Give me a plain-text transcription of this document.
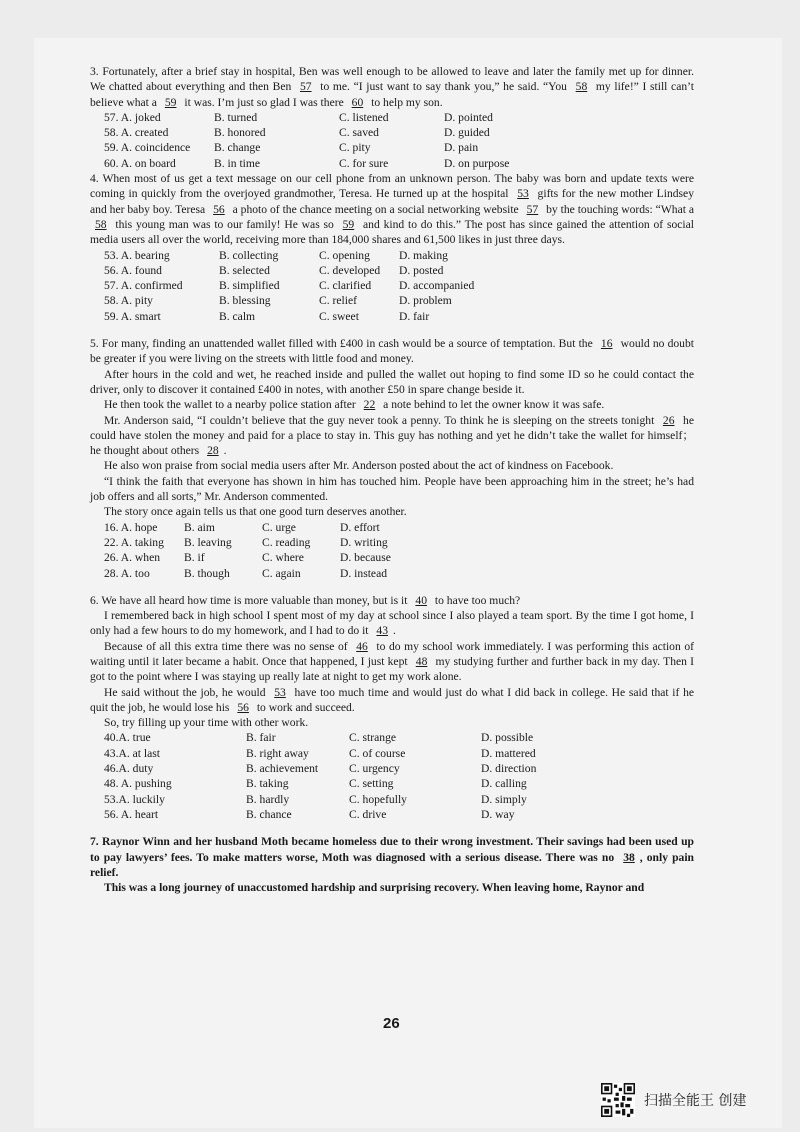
3. Fortunately, after a brief stay in hospital, Ben was well enough to be allowed to leave and later the family met up for dinner. We chatted about everything and then Ben 57 to me. “I just want to say thank you,” he said. “You 58 my life!” I still can’t believe what a 59 it was. I’m just so glad I was there 60 to help my son.

57. A. joked	B. turned	C. listened	D. pointed
58. A. created	B. honored	C. saved	D. guided
59. A. coincidence	B. change	C. pity	D. pain
60. A. on board	B. in time	C. for sure	D. on purpose

4. When most of us get a text message on our cell phone from an unknown person. The baby was born and update texts were coming in quickly from the overjoyed grandmother, Teresa. He turned up at the hospital 53 gifts for the new mother Lindsey and her baby boy. Teresa 56 a photo of the chance meeting on a social networking website 57 by the touching words: “What a 58 this young man was to our family! He was so 59 and kind to do this.” The post has since gained the attention of social media users all over the world, receiving more than 184,000 shares and 61,500 likes in just three days.

53. A. bearing	B. collecting	C. opening	D. making
56. A. found	B. selected	C. developed	D. posted
57. A. confirmed	B. simplified	C. clarified	D. accompanied
58. A. pity	B. blessing	C. relief	D. problem
59. A. smart	B. calm	C. sweet	D. fair

5. For many, finding an unattended wallet filled with £400 in cash would be a source of temptation. But the 16 would no doubt be greater if you were living on the streets with little food and money.

After hours in the cold and wet, he reached inside and pulled the wallet out hoping to find some ID so he could contact the driver, only to discover it contained £400 in notes, with another £50 in spare change beside it.

He then took the wallet to a nearby police station after 22 a note behind to let the owner know it was safe.

Mr. Anderson said, “I couldn’t believe that the guy never took a penny. To think he is sleeping on the streets tonight 26 he could have stolen the money and paid for a place to stay in. This guy has nothing and yet he didn’t take the wallet for himself； he thought about others 28 .

He also won praise from social media users after Mr. Anderson posted about the act of kindness on Facebook.

“I think the faith that everyone has shown in him has touched him. People have been approaching him in the street; he’s had job offers and all sorts,” Mr. Anderson commented.

The story once again tells us that one good turn deserves another.

16. A. hope	B. aim	C. urge	D. effort
22. A. taking	B. leaving	C. reading	D. writing
26. A. when	B. if	C. where	D. because
28. A. too	B. though	C. again	D. instead

6. We have all heard how time is more valuable than money, but is it 40 to have too much?

I remembered back in high school I spent most of my day at school since I also played a team sport. By the time I got home, I only had a few hours to do my homework, and I had to do it 43 .

Because of all this extra time there was no sense of 46 to do my school work immediately. I was performing this action of waiting until it later became a habit. Once that happened, I just kept 48 my studying further and further back in my day. Then I got to the point where I was staying up really late at night to get my work alone.

He said without the job, he would 53 have too much time and would just do what I did back in college. He said that if he quit the job, he would lose his 56 to work and succeed.

So, try filling up your time with other work.

40.A. true	B. fair	C. strange	D. possible
43.A. at last	B. right away	C. of course	D. mattered
46.A. duty	B. achievement	C. urgency	D. direction
48. A. pushing	B. taking	C. setting	D. calling
53.A. luckily	B. hardly	C. hopefully	D. simply
56. A. heart	B. chance	C. drive	D. way

7. Raynor Winn and her husband Moth became homeless due to their wrong investment. Their savings had been used up to pay lawyers’ fees. To make matters worse, Moth was diagnosed with a serious disease. There was no 38 , only pain relief.

This was a long journey of unaccustomed hardship and surprising recovery. When leaving home, Raynor and

26
扫描全能王 创建
